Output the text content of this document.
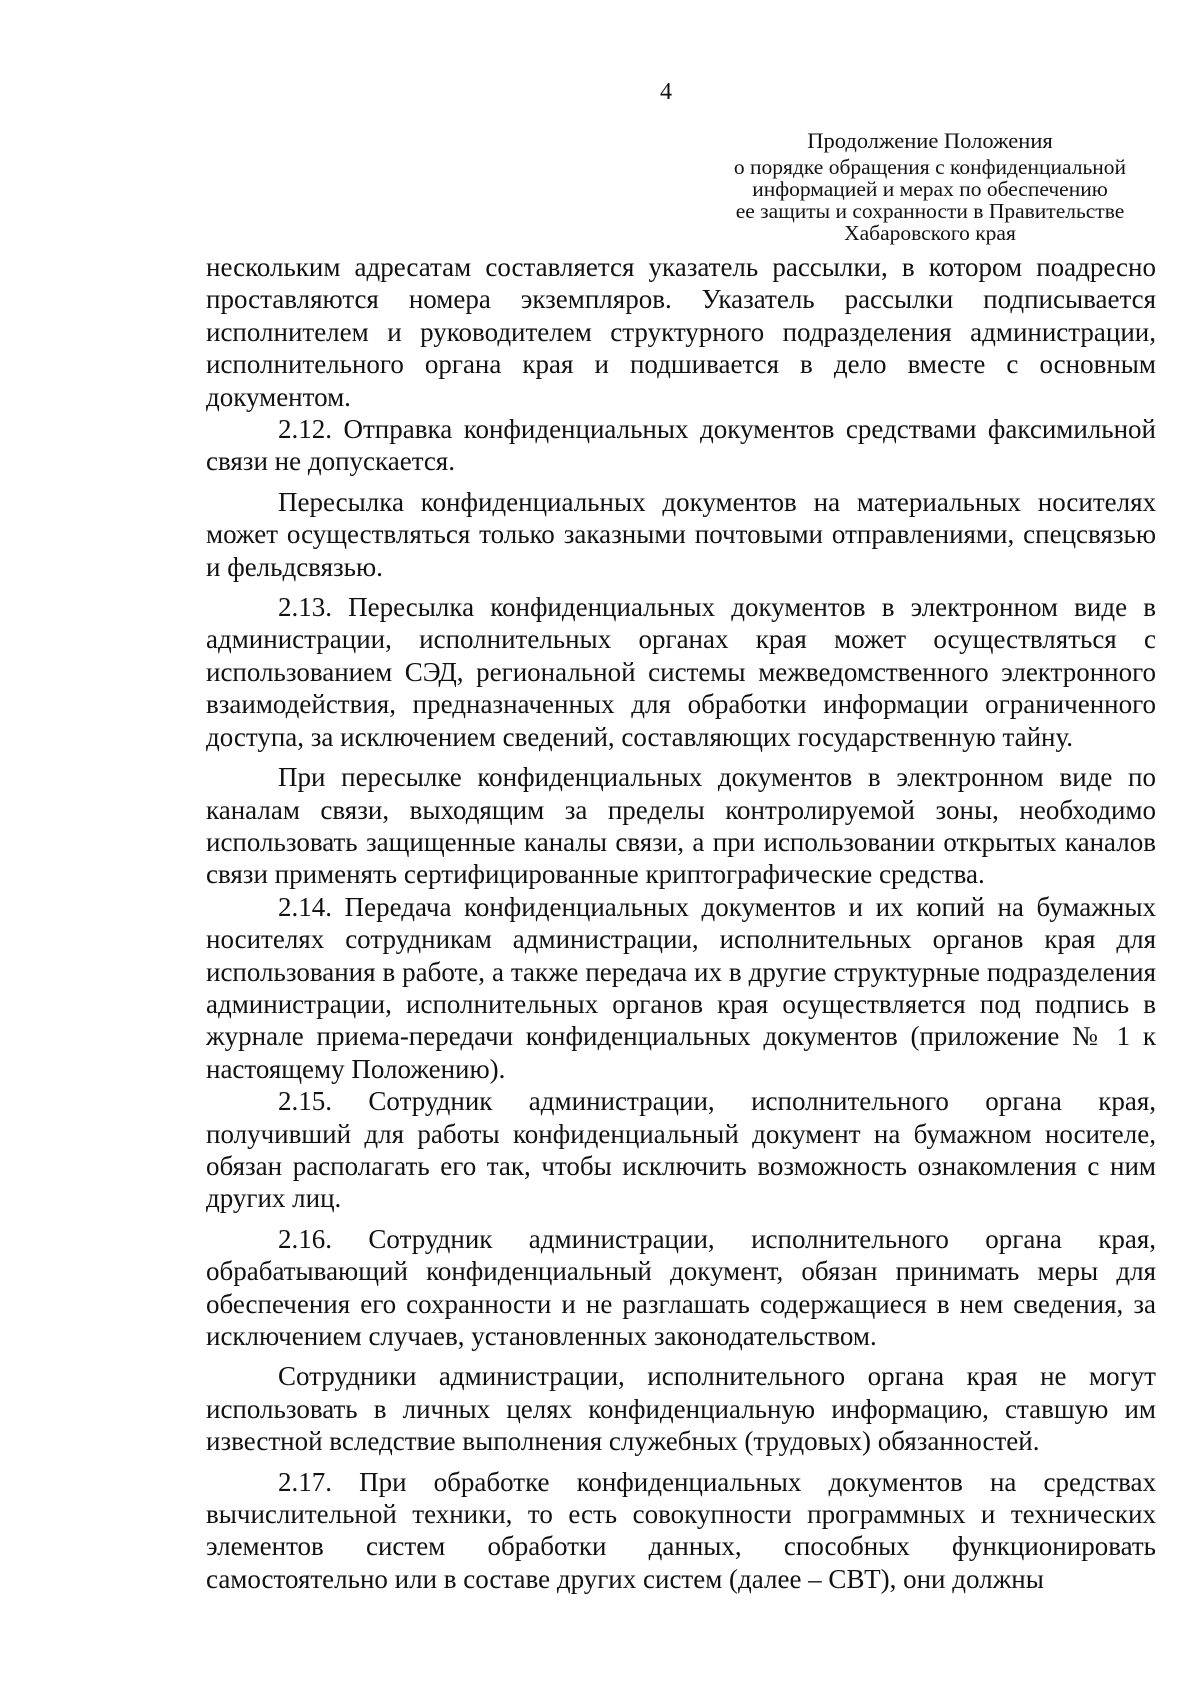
4
Продолжение Положения
о порядке обращения с конфиденциальной
информацией и мерах по обеспечению
ее защиты и сохранности в Правительстве
Хабаровского края

нескольким адресатам составляется указатель рассылки, в котором поадресно проставляются номера экземпляров. Указатель рассылки подписывается исполнителем и руководителем структурного подразделения администрации, исполнительного органа края и подшивается в дело вместе с основным документом.

2.12. Отправка конфиденциальных документов средствами факсимильной связи не допускается.

Пересылка конфиденциальных документов на материальных носителях может осуществляться только заказными почтовыми отправлениями, спецсвязью и фельдсвязью.

2.13. Пересылка конфиденциальных документов в электронном виде в администрации, исполнительных органах края может осуществляться с использованием СЭД, региональной системы межведомственного электронного взаимодействия, предназначенных для обработки информации ограниченного доступа, за исключением сведений, составляющих государственную тайну.

При пересылке конфиденциальных документов в электронном виде по каналам связи, выходящим за пределы контролируемой зоны, необходимо использовать защищенные каналы связи, а при использовании открытых каналов связи применять сертифицированные криптографические средства.

2.14. Передача конфиденциальных документов и их копий на бумажных носителях сотрудникам администрации, исполнительных органов края для использования в работе, а также передача их в другие структурные подразделения администрации, исполнительных органов края осуществляется под подпись в журнале приема-передачи конфиденциальных документов (приложение № 1 к настоящему Положению).

2.15. Сотрудник администрации, исполнительного органа края, получивший для работы конфиденциальный документ на бумажном носителе, обязан располагать его так, чтобы исключить возможность ознакомления с ним других лиц.

2.16. Сотрудник администрации, исполнительного органа края, обрабатывающий конфиденциальный документ, обязан принимать меры для обеспечения его сохранности и не разглашать содержащиеся в нем сведения, за исключением случаев, установленных законодательством.

Сотрудники администрации, исполнительного органа края не могут использовать в личных целях конфиденциальную информацию, ставшую им известной вследствие выполнения служебных (трудовых) обязанностей.

2.17. При обработке конфиденциальных документов на средствах вычислительной техники, то есть совокупности программных и технических элементов систем обработки данных, способных функционировать самостоятельно или в составе других систем (далее – СВТ), они должны
